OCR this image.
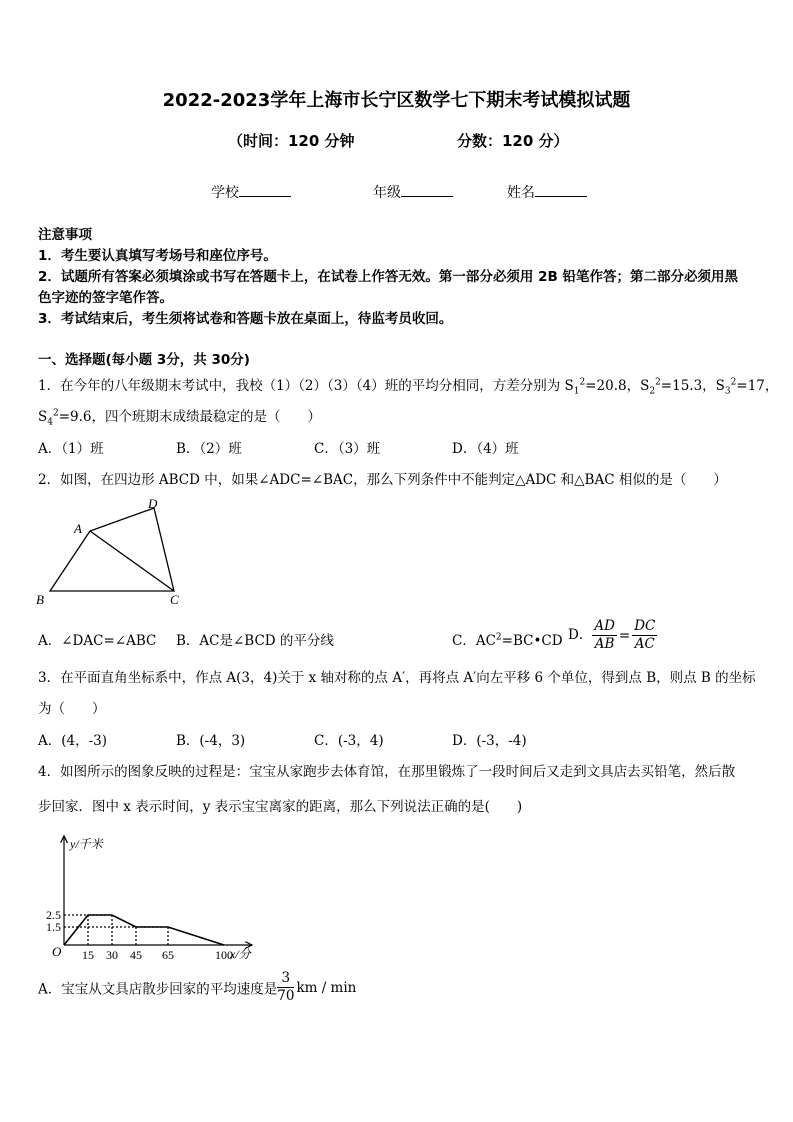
2022-2023学年上海市长宁区数学七下期末考试模拟试题
（时间：120 分钟	分数：120 分）
学校	年级	姓名
注意事项
1．考生要认真填写考场号和座位序号。
2．试题所有答案必须填涂或书写在答题卡上，在试卷上作答无效。第一部分必须用 2B 铅笔作答；第二部分必须用黑
色字迹的签字笔作答。
3．考试结束后，考生须将试卷和答题卡放在桌面上，待监考员收回。
一、选择题(每小题 3分，共 30分)
1．在今年的八年级期末考试中，我校（1）（2）（3）（4）班的平均分相同，方差分别为 $S_1^2=20.8$，$S_2^2=15.3$，$S_3^2=17$，
$S_4^2=9.6$，四个班期末成绩最稳定的是（　　）
A．（1）班	B．（2）班	C．（3）班	D．（4）班
2．如图，在四边形 ABCD 中，如果∠ADC=∠BAC，那么下列条件中不能判定△ADC 和△BAC 相似的是（　　）
A
B	C
D
A．∠DAC=∠ABC B．AC是∠BCD 的平分线	C．$AC^2=BC•CD$ D． $\frac{AD}{AB} = \frac{DC}{AC}$
3．在平面直角坐标系中，作点 A(3，4)关于 x 轴对称的点 A′，再将点 A′向左平移 6 个单位，得到点 B，则点 B 的坐标
为（　　）
A．(4，-3)	B．(-4，3)	C．(-3，4)	D．(-3，-4)
4．如图所示的图象反映的过程是：宝宝从家跑步去体育馆，在那里锻炼了一段时间后又走到文具店去买铅笔，然后散
步回家．图中 x 表示时间，y 表示宝宝离家的距离，那么下列说法正确的是(　　)
15 30 45 65	100
1.5
2.5
O	x/分
y/千米
A．宝宝从文具店散步回家的平均速度是 $\frac{3}{70}$ km / min
